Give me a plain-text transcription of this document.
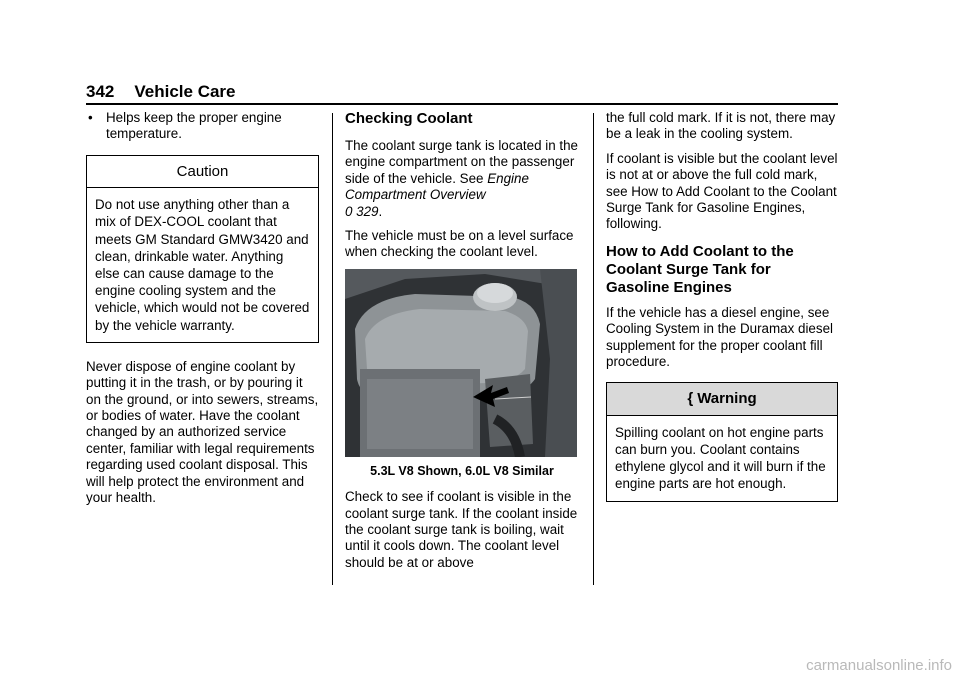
342 Vehicle Care
• Helps keep the proper engine temperature.
Caution
Do not use anything other than a mix of DEX-COOL coolant that meets GM Standard GMW3420 and clean, drinkable water. Anything else can cause damage to the engine cooling system and the vehicle, which would not be covered by the vehicle warranty.

Never dispose of engine coolant by putting it in the trash, or by pouring it on the ground, or into sewers, streams, or bodies of water. Have the coolant changed by an authorized service center, familiar with legal requirements regarding used coolant disposal. This will help protect the environment and your health.

Checking Coolant

The coolant surge tank is located in the engine compartment on the passenger side of the vehicle. See Engine Compartment Overview
0 329.

The vehicle must be on a level surface when checking the coolant level.

5.3L V8 Shown, 6.0L V8 Similar

Check to see if coolant is visible in the coolant surge tank. If the coolant inside the coolant surge tank is boiling, wait until it cools down. The coolant level should be at or above

the full cold mark. If it is not, there may be a leak in the cooling system.

If coolant is visible but the coolant level is not at or above the full cold mark, see How to Add Coolant to the Coolant Surge Tank for Gasoline Engines, following.

How to Add Coolant to the Coolant Surge Tank for Gasoline Engines

If the vehicle has a diesel engine, see Cooling System in the Duramax diesel supplement for the proper coolant fill procedure.

{ Warning
Spilling coolant on hot engine parts can burn you. Coolant contains ethylene glycol and it will burn if the engine parts are hot enough.
carmanualsonline.info
